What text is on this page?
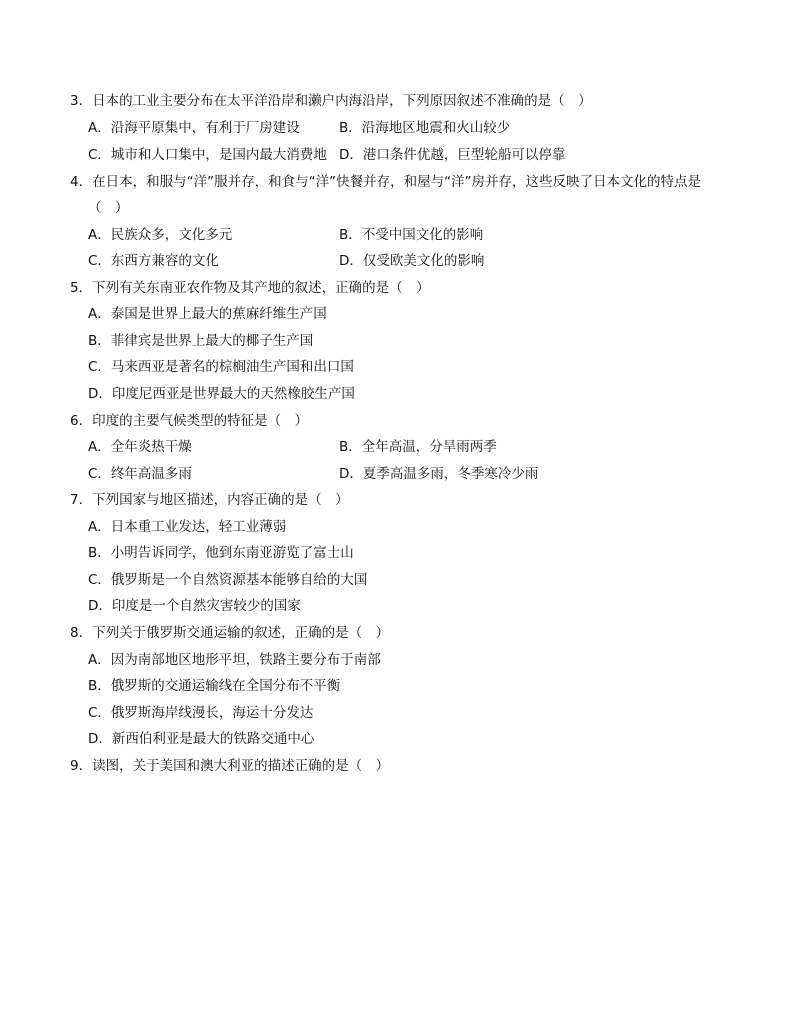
3．日本的工业主要分布在太平洋沿岸和濑户内海沿岸，下列原因叙述不准确的是（　）
A．沿海平原集中，有利于厂房建设	B．沿海地区地震和火山较少
C．城市和人口集中，是国内最大消费地 D．港口条件优越，巨型轮船可以停靠
4．在日本，和服与“洋”服并存，和食与“洋”快餐并存，和屋与“洋”房并存，这些反映了日本文化的特点是
（　）
A．民族众多，文化多元	B．不受中国文化的影响
C．东西方兼容的文化	D．仅受欧美文化的影响
5．下列有关东南亚农作物及其产地的叙述，正确的是（　）
A．泰国是世界上最大的蕉麻纤维生产国
B．菲律宾是世界上最大的椰子生产国
C．马来西亚是著名的棕榈油生产国和出口国
D．印度尼西亚是世界最大的天然橡胶生产国
6．印度的主要气候类型的特征是（　）
A．全年炎热干燥	B．全年高温，分旱雨两季
C．终年高温多雨	D．夏季高温多雨，冬季寒冷少雨
7．下列国家与地区描述，内容正确的是（　）
A．日本重工业发达，轻工业薄弱
B．小明告诉同学，他到东南亚游览了富士山
C．俄罗斯是一个自然资源基本能够自给的大国
D．印度是一个自然灾害较少的国家
8．下列关于俄罗斯交通运输的叙述，正确的是（　）
A．因为南部地区地形平坦，铁路主要分布于南部
B．俄罗斯的交通运输线在全国分布不平衡
C．俄罗斯海岸线漫长，海运十分发达
D．新西伯利亚是最大的铁路交通中心
9．读图，关于美国和澳大利亚的描述正确的是（　）
